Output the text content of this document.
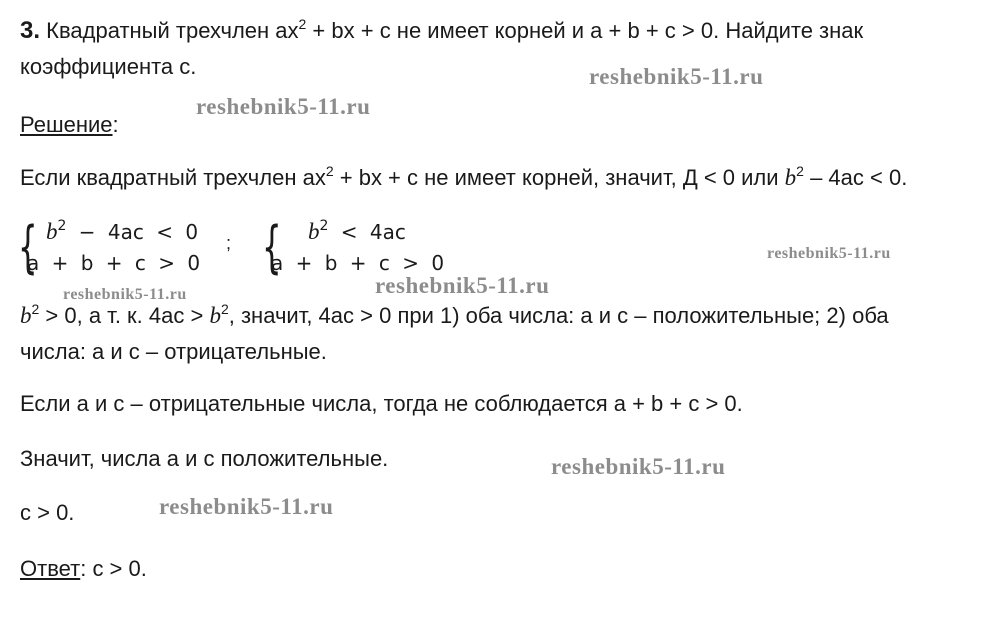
3. Квадратный трехчлен $ax^2$ + bx + c не имеет корней и a + b + c > 0. Найдите знак
коэффициента с.
Решение:
Если квадратный трехчлен $ax^2$ + bx + c не имеет корней, значит, Д < 0 или $b^2 - 4ac < 0$.
{ $b^2 - 4ac < 0$
a + b + c > 0
; { $b^2 < 4ac$
a + b + c > 0
$b^2 > 0$, а т. к. $4ac > b^2$, значит, 4ac > 0 при 1) оба числа: а и с – положительные; 2) оба
числа: а и с – отрицательные.
Если а и с – отрицательные числа, тогда не соблюдается a + b + c > 0.
Значит, числа а и с положительные.
c > 0.
Ответ: c > 0.
reshebnik5-11.ru
reshebnik5-11.ru
reshebnik5-11.ru
reshebnik5-11.ru
reshebnik5-11.ru
reshebnik5-11.ru
reshebnik5-11.ru
